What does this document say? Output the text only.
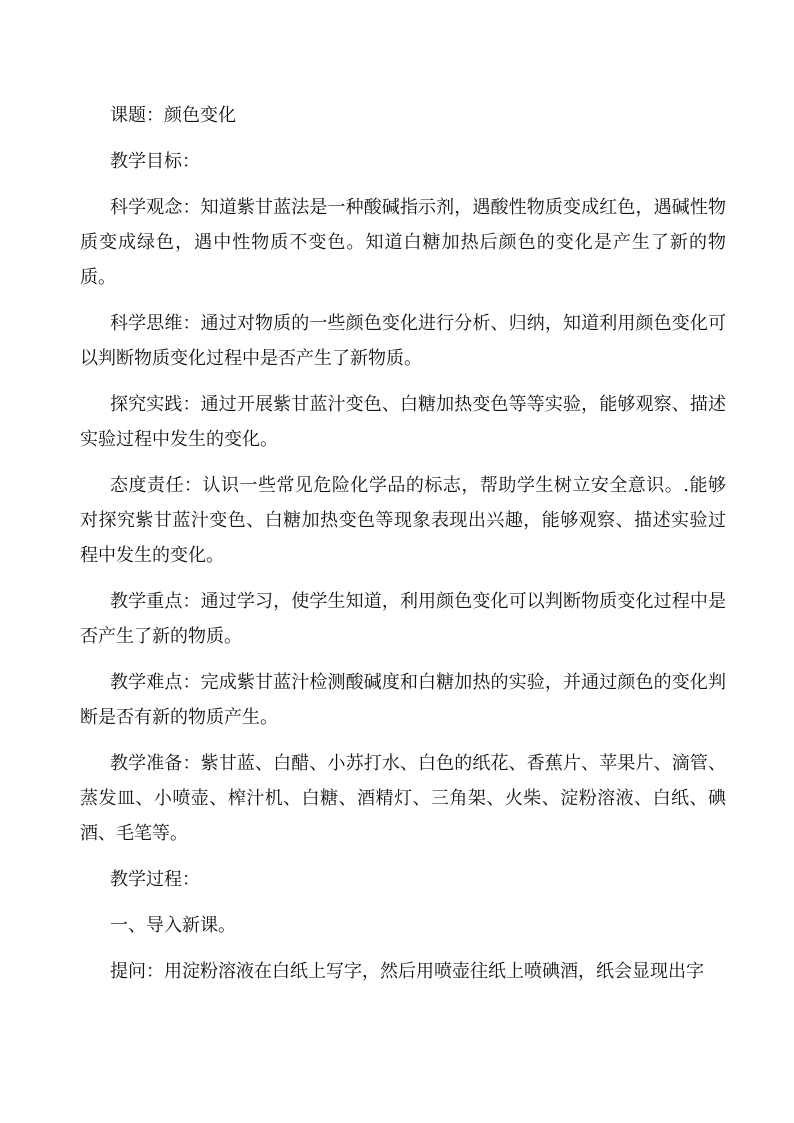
课题：颜色变化

教学目标：

科学观念：知道紫甘蓝法是一种酸碱指示剂，遇酸性物质变成红色，遇碱性物质变成绿色，遇中性物质不变色。知道白糖加热后颜色的变化是产生了新的物质。

科学思维：通过对物质的一些颜色变化进行分析、归纳，知道利用颜色变化可以判断物质变化过程中是否产生了新物质。

探究实践：通过开展紫甘蓝汁变色、白糖加热变色等等实验，能够观察、描述实验过程中发生的变化。

态度责任：认识一些常见危险化学品的标志，帮助学生树立安全意识。.能够对探究紫甘蓝汁变色、白糖加热变色等现象表现出兴趣，能够观察、描述实验过程中发生的变化。

教学重点：通过学习，使学生知道，利用颜色变化可以判断物质变化过程中是否产生了新的物质。

教学难点：完成紫甘蓝汁检测酸碱度和白糖加热的实验，并通过颜色的变化判断是否有新的物质产生。

教学准备：紫甘蓝、白醋、小苏打水、白色的纸花、香蕉片、苹果片、滴管、蒸发皿、小喷壶、榨汁机、白糖、酒精灯、三角架、火柴、淀粉溶液、白纸、碘酒、毛笔等。

教学过程：

一、导入新课。

提问：用淀粉溶液在白纸上写字，然后用喷壶往纸上喷碘酒，纸会显现出字
